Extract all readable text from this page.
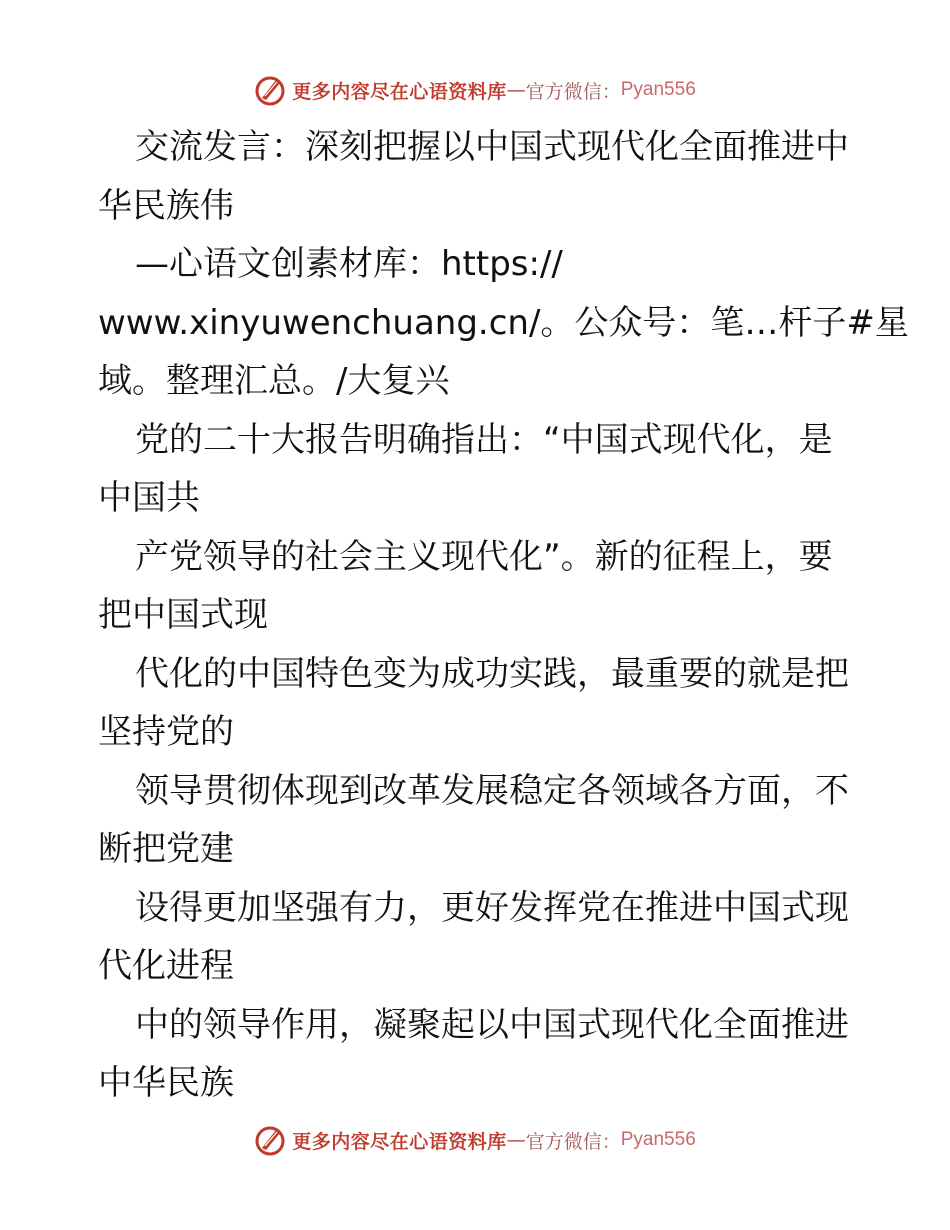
更多内容尽在心语资料库 — 官方微信： Pyan556
交流发言：深刻把握以中国式现代化全面推进中
华民族伟
—心语文创素材库：https://
www.xinyuwenchuang.cn/。公众号：笔…杆子#星
域。整理汇总。/大复兴
党的二十大报告明确指出：“中国式现代化，是
中国共
产党领导的社会主义现代化”。新的征程上，要
把中国式现
代化的中国特色变为成功实践，最重要的就是把
坚持党的
领导贯彻体现到改革发展稳定各领域各方面，不
断把党建
设得更加坚强有力，更好发挥党在推进中国式现
代化进程
中的领导作用，凝聚起以中国式现代化全面推进
中华民族
更多内容尽在心语资料库 — 官方微信： Pyan556
